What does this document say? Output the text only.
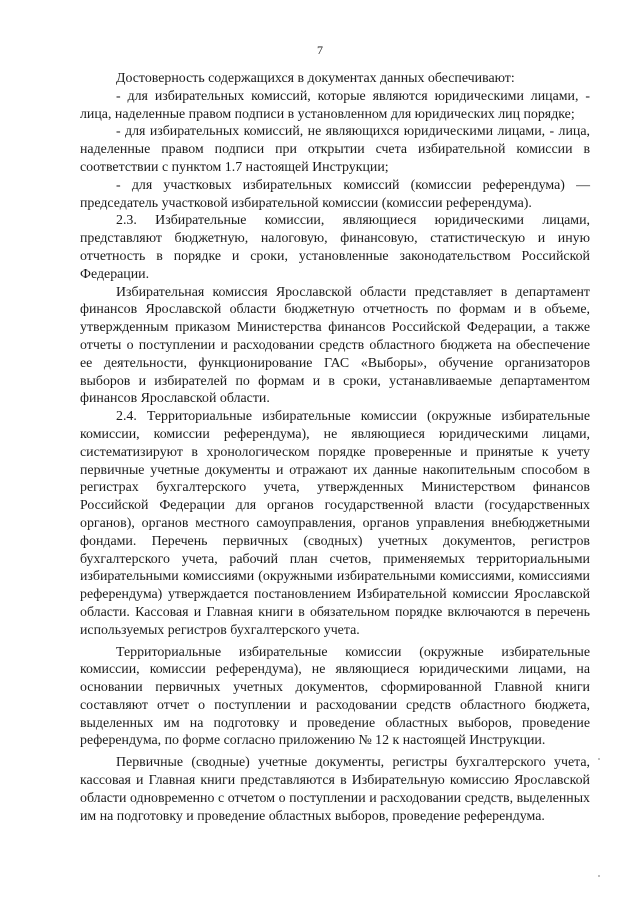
7

Достоверность содержащихся в документах данных обеспечивают:

- для избирательных комиссий, которые являются юридическими лицами, - лица, наделенные правом подписи в установленном для юридических лиц порядке;

- для избирательных комиссий, не являющихся юридическими лицами, - лица, наделенные правом подписи при открытии счета избирательной комиссии в соответствии с пунктом 1.7 настоящей Инструкции;

- для участковых избирательных комиссий (комиссии референдума) — председатель участковой избирательной комиссии (комиссии референдума).

2.3. Избирательные комиссии, являющиеся юридическими лицами, представляют бюджетную, налоговую, финансовую, статистическую и иную отчетность в порядке и сроки, установленные законодательством Российской Федерации.

Избирательная комиссия Ярославской области представляет в департамент финансов Ярославской области бюджетную отчетность по формам и в объеме, утвержденным приказом Министерства финансов Российской Федерации, а также отчеты о поступлении и расходовании средств областного бюджета на обеспечение ее деятельности, функционирование ГАС «Выборы», обучение организаторов выборов и избирателей по формам и в сроки, устанавливаемые департаментом финансов Ярославской области.

2.4. Территориальные избирательные комиссии (окружные избирательные комиссии, комиссии референдума), не являющиеся юридическими лицами, систематизируют в хронологическом порядке проверенные и принятые к учету первичные учетные документы и отражают их данные накопительным способом в регистрах бухгалтерского учета, утвержденных Министерством финансов Российской Федерации для органов государственной власти (государственных органов), органов местного самоуправления, органов управления внебюджетными фондами. Перечень первичных (сводных) учетных документов, регистров бухгалтерского учета, рабочий план счетов, применяемых территориальными избирательными комиссиями (окружными избирательными комиссиями, комиссиями референдума) утверждается постановлением Избирательной комиссии Ярославской области. Кассовая и Главная книги в обязательном порядке включаются в перечень используемых регистров бухгалтерского учета.

Территориальные избирательные комиссии (окружные избирательные комиссии, комиссии референдума), не являющиеся юридическими лицами, на основании первичных учетных документов, сформированной Главной книги составляют отчет о поступлении и расходовании средств областного бюджета, выделенных им на подготовку и проведение областных выборов, проведение референдума, по форме согласно приложению № 12 к настоящей Инструкции.

Первичные (сводные) учетные документы, регистры бухгалтерского учета, кассовая и Главная книги представляются в Избирательную комиссию Ярославской области одновременно с отчетом о поступлении и расходовании средств, выделенных им на подготовку и проведение областных выборов, проведение референдума.
